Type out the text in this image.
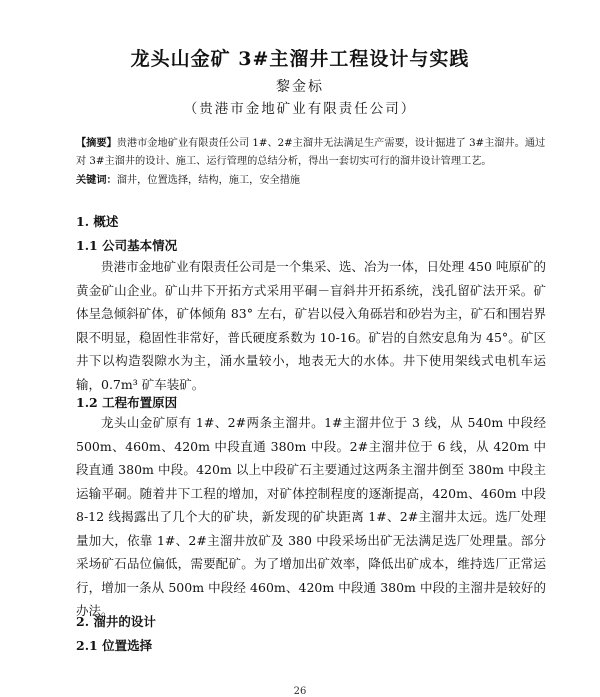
龙头山金矿 3#主溜井工程设计与实践
黎金标
（贵港市金地矿业有限责任公司）
【摘要】贵港市金地矿业有限责任公司 1#、2#主溜井无法满足生产需要，设计掘进了 3#主溜井。通过对 3#主溜井的设计、施工、运行管理的总结分析，得出一套切实可行的溜井设计管理工艺。
关键词：溜井，位置选择，结构，施工，安全措施
1. 概述
1.1 公司基本情况
贵港市金地矿业有限责任公司是一个集采、选、冶为一体，日处理 450 吨原矿的黄金矿山企业。矿山井下开拓方式采用平硐－盲斜井开拓系统，浅孔留矿法开采。矿体呈急倾斜矿体，矿体倾角 83° 左右，矿岩以侵入角砾岩和砂岩为主，矿石和围岩界限不明显，稳固性非常好，普氏硬度系数为 10-16。矿岩的自然安息角为 45°。矿区井下以构造裂隙水为主，涌水量较小，地表无大的水体。井下使用架线式电机车运输，0.7m³ 矿车装矿。
1.2 工程布置原因
龙头山金矿原有 1#、2#两条主溜井。1#主溜井位于 3 线，从 540m 中段经 500m、460m、420m 中段直通 380m 中段。2#主溜井位于 6 线，从 420m 中段直通 380m 中段。420m 以上中段矿石主要通过这两条主溜井倒至 380m 中段主运输平硐。随着井下工程的增加，对矿体控制程度的逐渐提高，420m、460m 中段 8-12 线揭露出了几个大的矿块，新发现的矿块距离 1#、2#主溜井太远。选厂处理量加大，依靠 1#、2#主溜井放矿及 380 中段采场出矿无法满足选厂处理量。部分采场矿石品位偏低，需要配矿。为了增加出矿效率，降低出矿成本，维持选厂正常运行，增加一条从 500m 中段经 460m、420m 中段通 380m 中段的主溜井是较好的办法。
2. 溜井的设计
2.1 位置选择
26
